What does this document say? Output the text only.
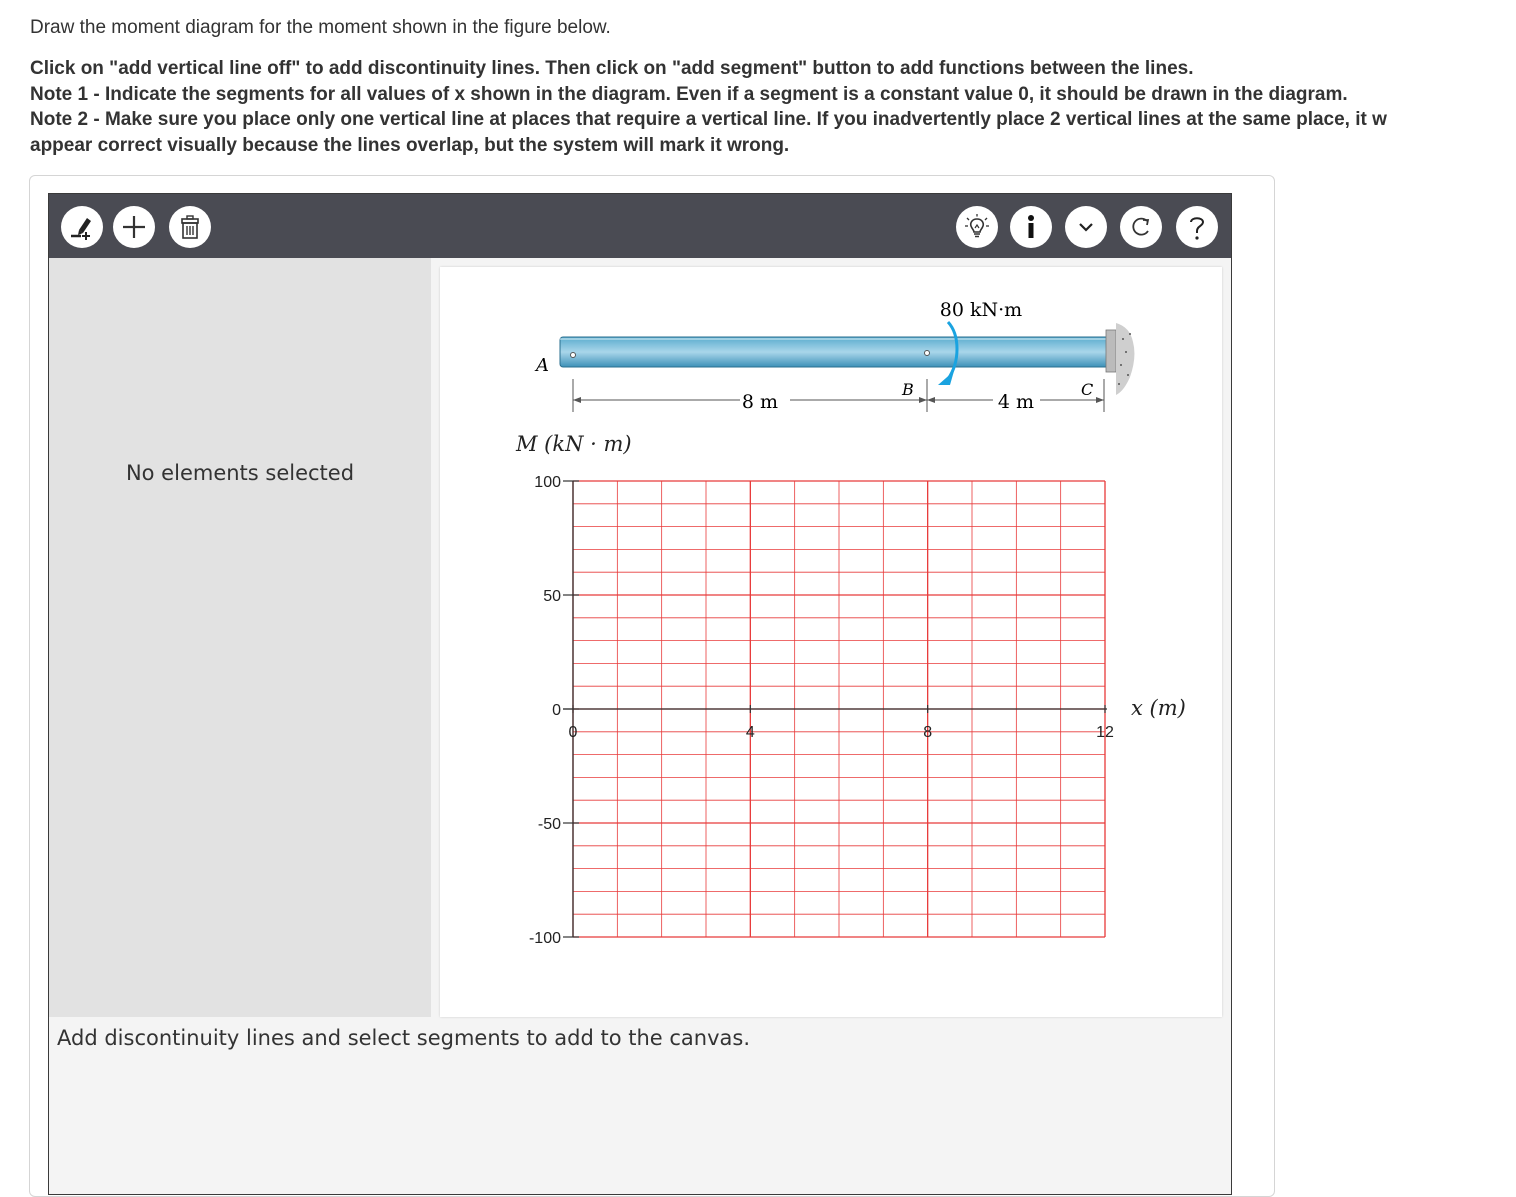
Draw the moment diagram for the moment shown in the figure below.
Click on "add vertical line off" to add discontinuity lines. Then click on "add segment" button to add functions between the lines.
Note 1 - Indicate the segments for all values of x shown in the diagram. Even if a segment is a constant value 0, it should be drawn in the diagram.
Note 2 - Make sure you place only one vertical line at places that require a vertical line. If you inadvertently place 2 vertical lines at the same place, it w
appear correct visually because the lines overlap, but the system will mark it wrong.
No elements selected
80 kN·m
A
B	C
8 m	4 m
100
50
0
-50
-100
0	4	8	12
M (kN · m)
x (m)
Add discontinuity lines and select segments to add to the canvas.
